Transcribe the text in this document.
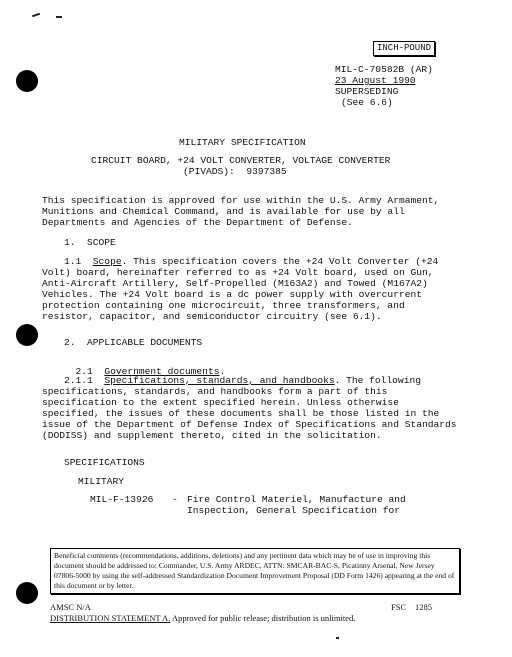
INCH-POUND
MIL-C-70582B (AR)
23 August 1990
SUPERSEDING
(See 6.6)
MILITARY SPECIFICATION
CIRCUIT BOARD, +24 VOLT CONVERTER, VOLTAGE CONVERTER
(PIVADS):  9397385
This specification is approved for use within the U.S. Army Armament, Munitions and Chemical Command, and is available for use by all Departments and Agencies of the Department of Defense.
1.  SCOPE
1.1 Scope. This specification covers the +24 Volt Converter (+24 Volt) board, hereinafter referred to as +24 Volt board, used on Gun, Anti-Aircraft Artillery, Self-Propelled (M163A2) and Towed (M167A2) Vehicles. The +24 Volt board is a dc power supply with overcurrent protection containing one microcircuit, three transformers, and resistor, capacitor, and semiconductor circuitry (see 6.1).
2.  APPLICABLE DOCUMENTS

2.1 Government documents.

2.1.1 Specifications, standards, and handbooks. The following specifications, standards, and handbooks form a part of this specification to the extent specified herein. Unless otherwise specified, the issues of these documents shall be those listed in the issue of the Department of Defense Index of Specifications and Standards (DODISS) and supplement thereto, cited in the solicitation.
SPECIFICATIONS
MILITARY
MIL-F-13926 - Fire Control Materiel, Manufacture and
Inspection, General Specification for
Beneficial comments (recommendations, additions, deletions) and any pertinent data which may be of use in improving this document should be addressed to: Commander, U.S. Army ARDEC, ATTN: SMCAR-BAC-S, Picatinny Arsenal, New Jersey 07806-5000 by using the self-addressed Standardization Document Improvement Proposal (DD Form 1426) appearing at the end of this document or by letter.
AMSC N/A	FSC 1285
DISTRIBUTION STATEMENT A. Approved for public release; distribution is unlimited.
